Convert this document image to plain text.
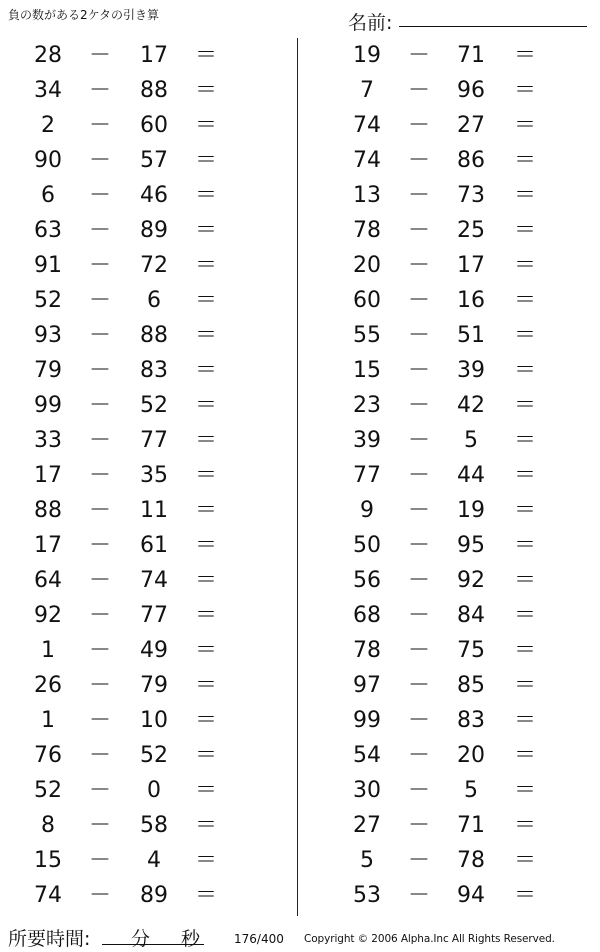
負の数がある2ケタの引き算	名前:
28	－	17	＝
34	－	88	＝
2	－	60	＝
90	－	57	＝
6	－	46	＝
63	－	89	＝
91	－	72	＝
52	－	6	＝
93	－	88	＝
79	－	83	＝
99	－	52	＝
33	－	77	＝
17	－	35	＝
88	－	11	＝
17	－	61	＝
64	－	74	＝
92	－	77	＝
1	－	49	＝
26	－	79	＝
1	－	10	＝
76	－	52	＝
52	－	0	＝
8	－	58	＝
15	－	4	＝
74	－	89	＝
19	－	71	＝
7	－	96	＝
74	－	27	＝
74	－	86	＝
13	－	73	＝
78	－	25	＝
20	－	17	＝
60	－	16	＝
55	－	51	＝
15	－	39	＝
23	－	42	＝
39	－	5	＝
77	－	44	＝
9	－	19	＝
50	－	95	＝
56	－	92	＝
68	－	84	＝
78	－	75	＝
97	－	85	＝
99	－	83	＝
54	－	20	＝
30	－	5	＝
27	－	71	＝
5	－	78	＝
53	－	94	＝
所要時間: 分 秒	176/400 Copyright © 2006 Alpha.Inc All Rights Reserved.
